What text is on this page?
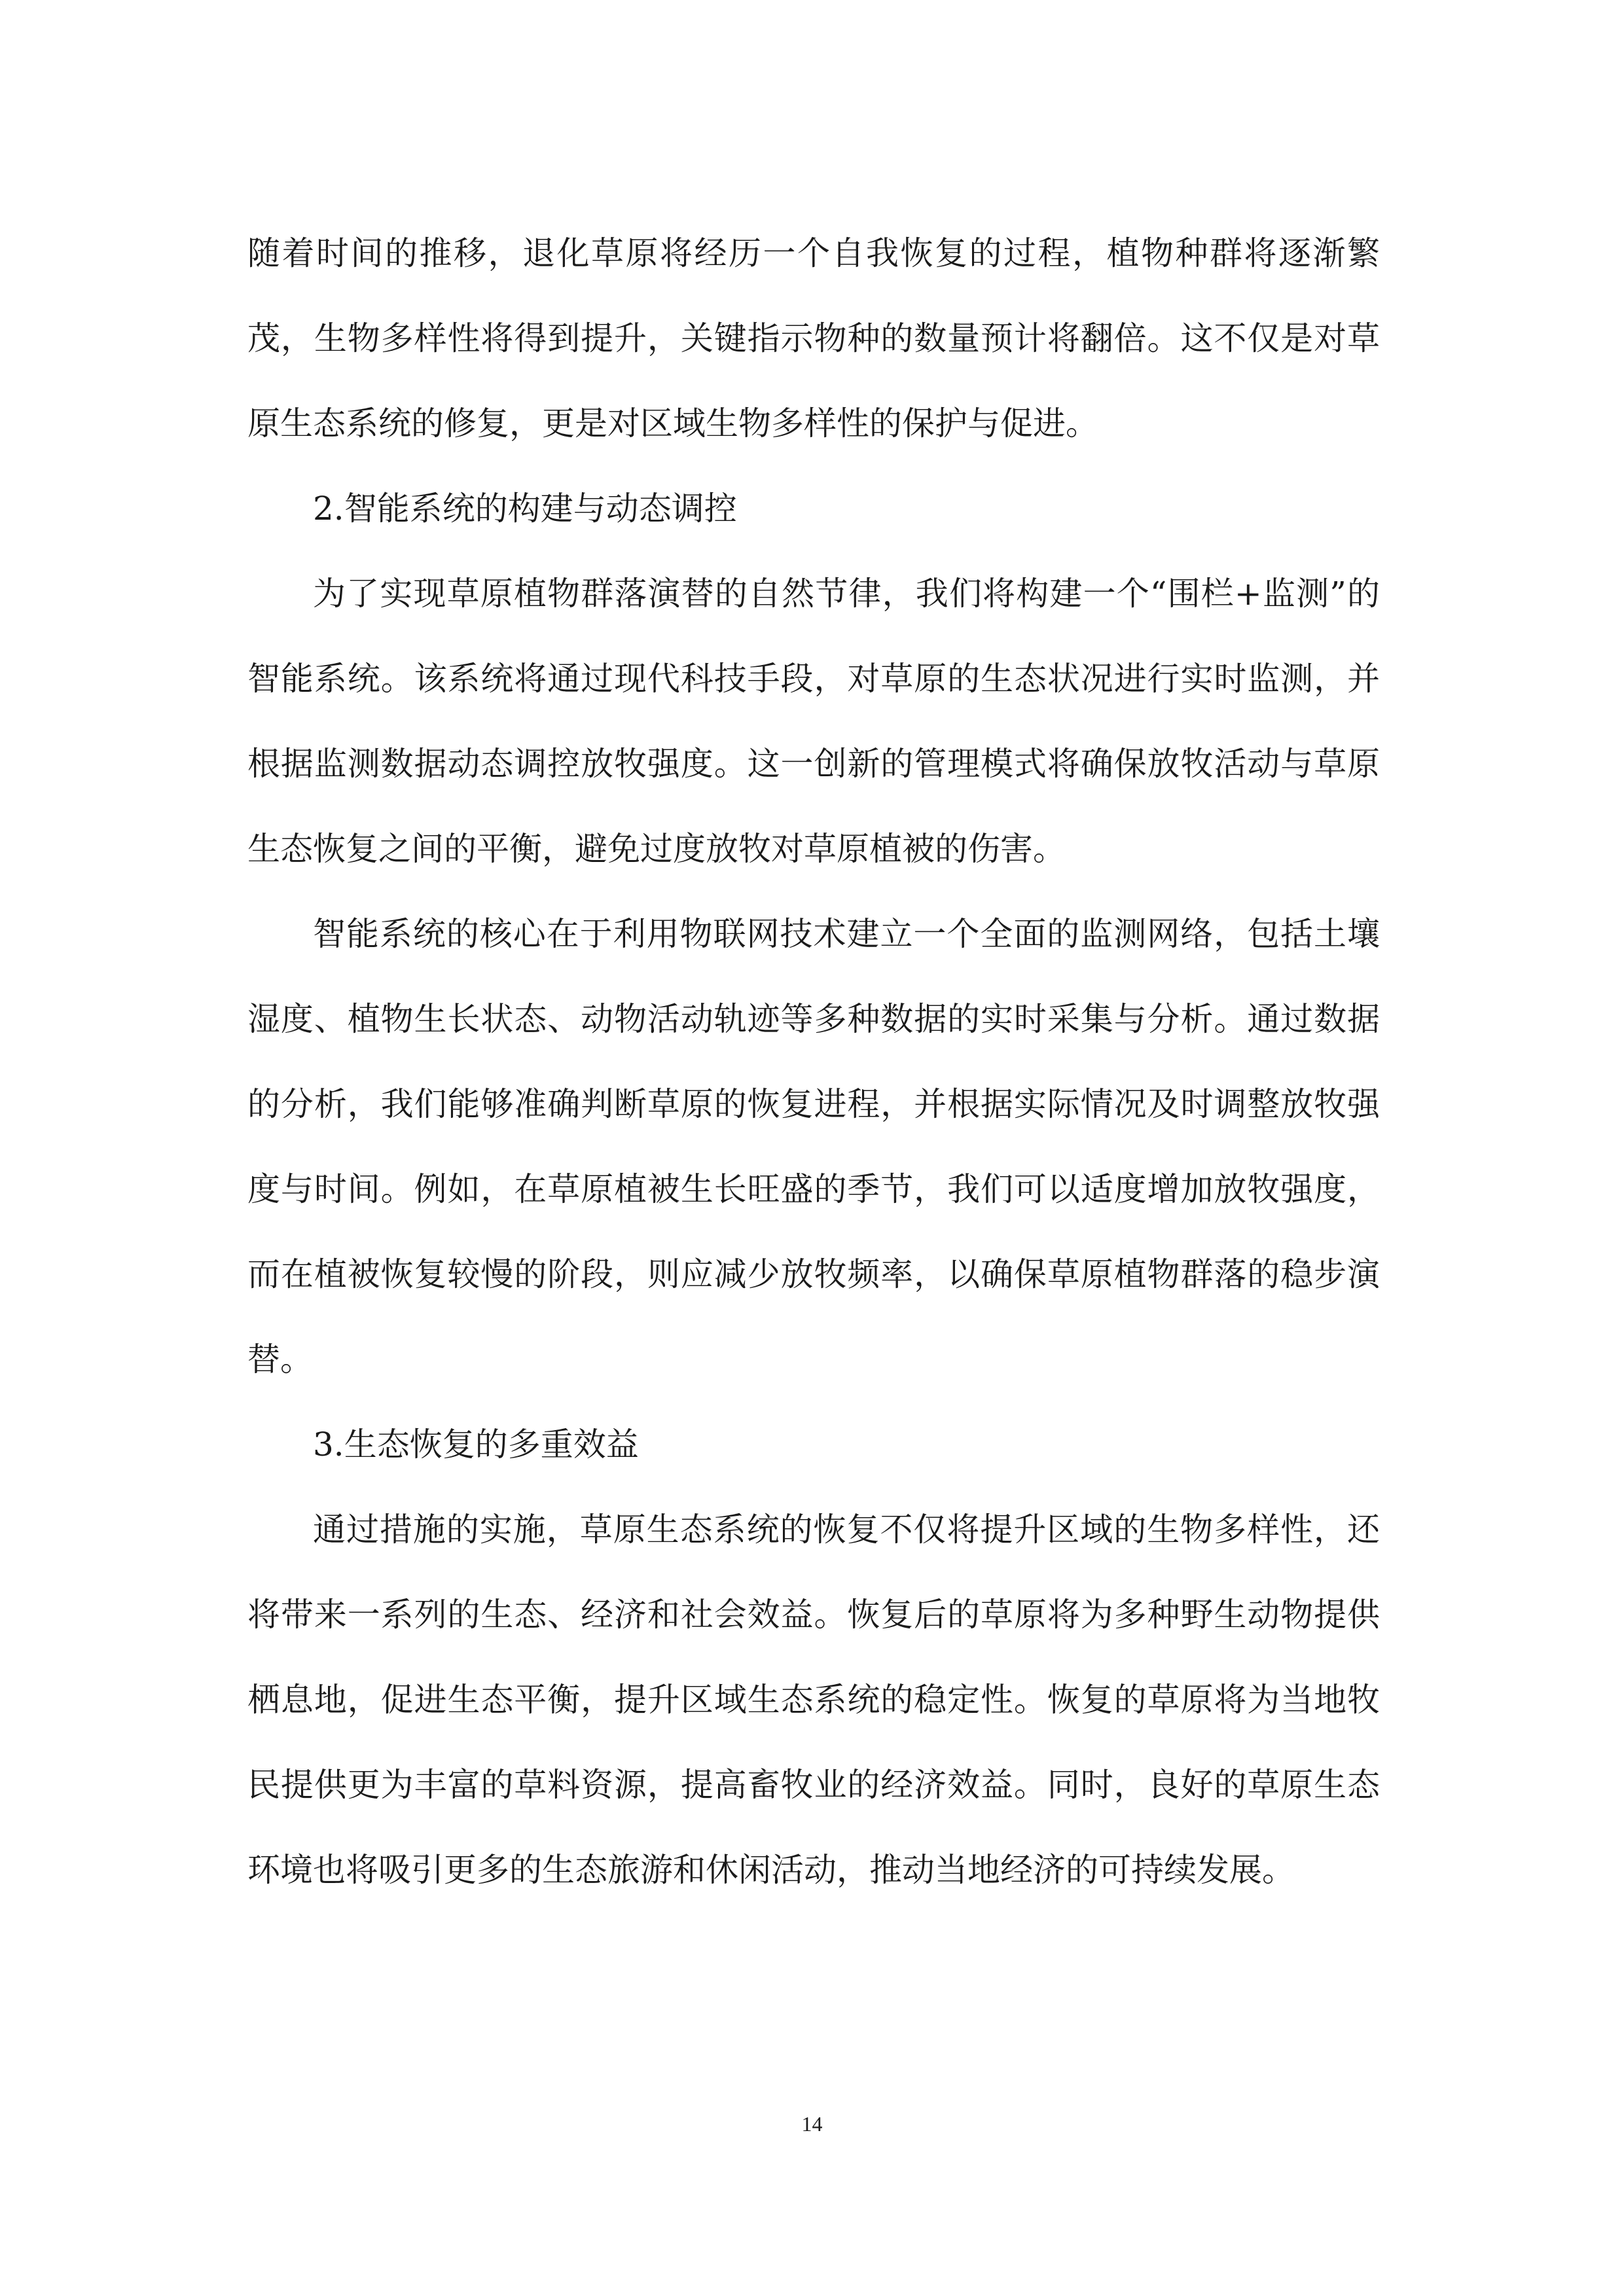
随着时间的推移，退化草原将经历一个自我恢复的过程，植物种群将逐渐繁茂，生物多样性将得到提升，关键指示物种的数量预计将翻倍。这不仅是对草原生态系统的修复，更是对区域生物多样性的保护与促进。

2.智能系统的构建与动态调控

为了实现草原植物群落演替的自然节律，我们将构建一个“围栏+监测”的智能系统。该系统将通过现代科技手段，对草原的生态状况进行实时监测，并根据监测数据动态调控放牧强度。这一创新的管理模式将确保放牧活动与草原生态恢复之间的平衡，避免过度放牧对草原植被的伤害。

智能系统的核心在于利用物联网技术建立一个全面的监测网络，包括土壤湿度、植物生长状态、动物活动轨迹等多种数据的实时采集与分析。通过数据的分析，我们能够准确判断草原的恢复进程，并根据实际情况及时调整放牧强度与时间。例如，在草原植被生长旺盛的季节，我们可以适度增加放牧强度，而在植被恢复较慢的阶段，则应减少放牧频率，以确保草原植物群落的稳步演替。

3.生态恢复的多重效益

通过措施的实施，草原生态系统的恢复不仅将提升区域的生物多样性，还将带来一系列的生态、经济和社会效益。恢复后的草原将为多种野生动物提供栖息地，促进生态平衡，提升区域生态系统的稳定性。恢复的草原将为当地牧民提供更为丰富的草料资源，提高畜牧业的经济效益。同时，良好的草原生态环境也将吸引更多的生态旅游和休闲活动，推动当地经济的可持续发展。

14
